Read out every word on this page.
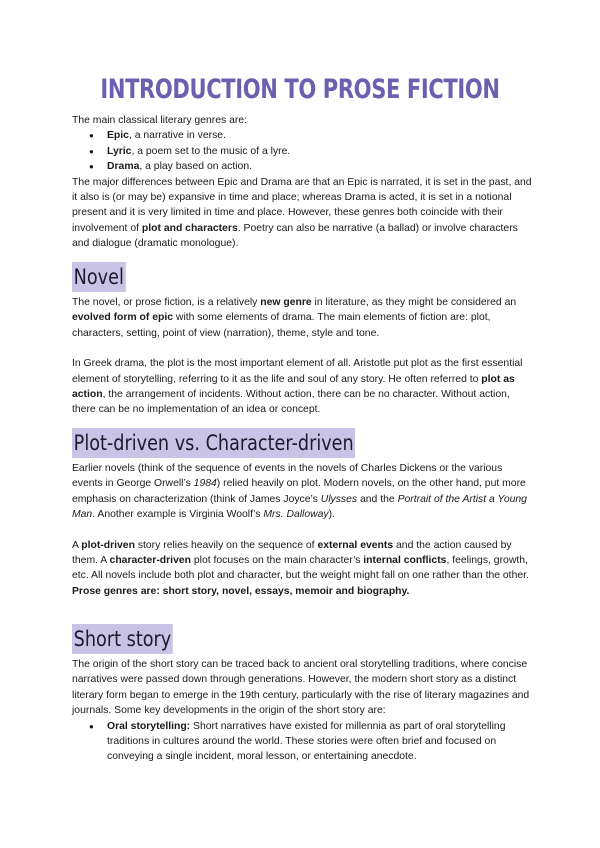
INTRODUCTION TO PROSE FICTION

The main classical literary genres are:

● Epic, a narrative in verse.
● Lyric, a poem set to the music of a lyre.
● Drama, a play based on action.

The major differences between Epic and Drama are that an Epic is narrated, it is set in the past, and it also is (or may be) expansive in time and place; whereas Drama is acted, it is set in a notional present and it is very limited in time and place. However, these genres both coincide with their involvement of plot and characters. Poetry can also be narrative (a ballad) or involve characters and dialogue (dramatic monologue).

Novel

The novel, or prose fiction, is a relatively new genre in literature, as they might be considered an evolved form of epic with some elements of drama. The main elements of fiction are: plot, characters, setting, point of view (narration), theme, style and tone.

In Greek drama, the plot is the most important element of all. Aristotle put plot as the first essential element of storytelling, referring to it as the life and soul of any story. He often referred to plot as action, the arrangement of incidents. Without action, there can be no character. Without action, there can be no implementation of an idea or concept.

Plot-driven vs. Character-driven

Earlier novels (think of the sequence of events in the novels of Charles Dickens or the various events in George Orwell’s 1984) relied heavily on plot. Modern novels, on the other hand, put more emphasis on characterization (think of James Joyce’s Ulysses and the Portrait of the Artist a Young Man. Another example is Virginia Woolf’s Mrs. Dalloway).

A plot-driven story relies heavily on the sequence of external events and the action caused by them. A character-driven plot focuses on the main character’s internal conflicts, feelings, growth, etc. All novels include both plot and character, but the weight might fall on one rather than the other. Prose genres are: short story, novel, essays, memoir and biography.

Short story

The origin of the short story can be traced back to ancient oral storytelling traditions, where concise narratives were passed down through generations. However, the modern short story as a distinct literary form began to emerge in the 19th century, particularly with the rise of literary magazines and journals. Some key developments in the origin of the short story are:

● Oral storytelling: Short narratives have existed for millennia as part of oral storytelling traditions in cultures around the world. These stories were often brief and focused on conveying a single incident, moral lesson, or entertaining anecdote.
